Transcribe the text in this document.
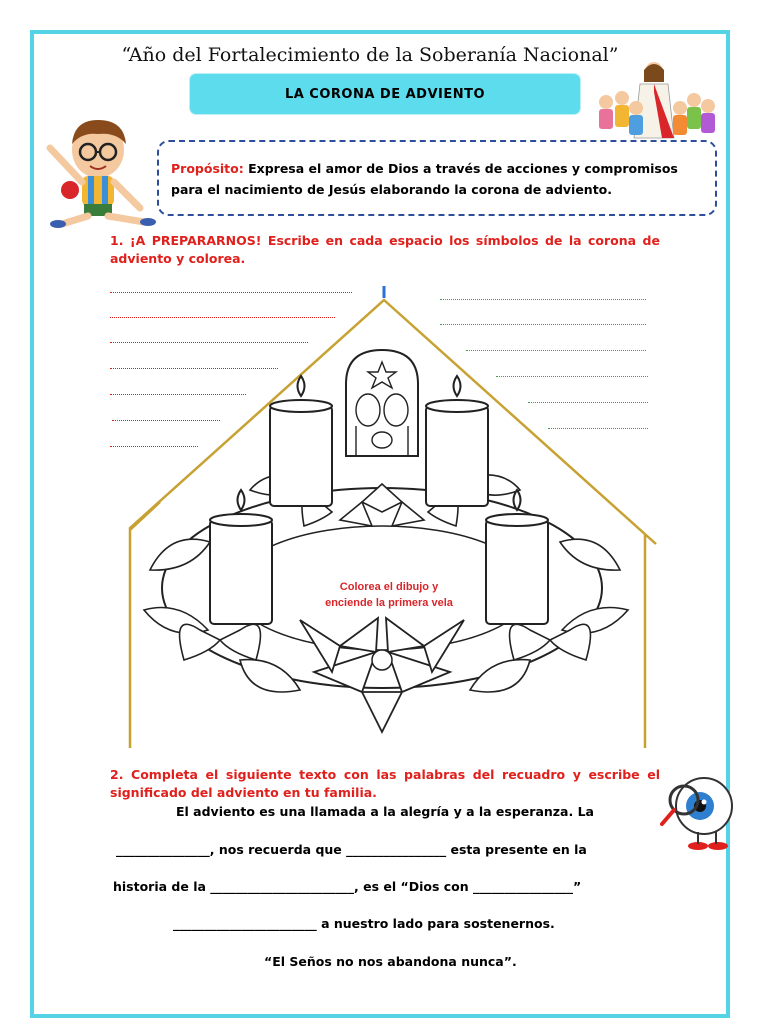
“Año del Fortalecimiento de la Soberanía Nacional”
LA CORONA DE ADVIENTO
Propósito: Expresa el amor de Dios a través de acciones y compromisos para el nacimiento de Jesús elaborando la corona de adviento.
1. ¡A PREPARARNOS! Escribe en cada espacio los símbolos de la corona de adviento y colorea.
Colorea el dibujo y
enciende la primera vela
2. Completa el siguiente texto con las palabras del recuadro y escribe el significado del adviento en tu familia.
El adviento es una llamada a la alegría y a la esperanza. La
_______________, nos recuerda que ________________ esta presente en la
historia de la _______________________, es el “Dios con ________________”
_______________________ a nuestro lado para sostenernos.
“El Seños no nos abandona nunca”.
